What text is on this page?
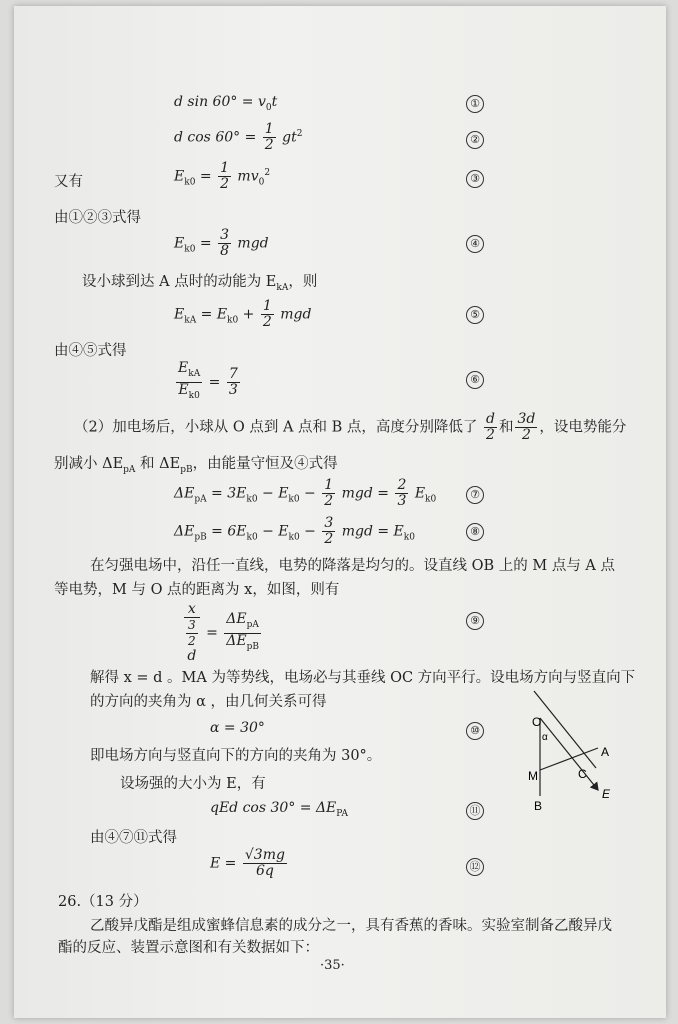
d $\sin 60^\circ = v_0t$	①
d $\cos 60^\circ = \frac{1}{2} gt^2$	②
又有	$E_{k0} = \frac{1}{2} mv_0^2$	③
由①②③式得
$E_{k0} = \frac{3}{8}$ mgd	④
设小球到达 A 点时的动能为 $E_{kA}$，则
$E_{kA} = E_{k0} + \frac{1}{2}$ mgd	⑤
由④⑤式得
$\frac{E_{kA}}{E_{k0}} = \frac{7}{3}$	⑥
（2）加电场后，小球从 O 点到 A 点和 B 点，高度分别降低了 $\frac{d}{2}$ 和 $\frac{3d}{2}$ ，设电势能分
别减小 $\Delta E_{pA}$ 和 $\Delta E_{pB}$，由能量守恒及④式得
$\Delta E_{pA} = 3E_{k0} - E_{k0} - \frac{1}{2}$ mgd = $\frac{2}{3} E_{k0}$	⑦
$\Delta E_{pB} = 6E_{k0} - E_{k0} - \frac{3}{2}$ mgd = $E_{k0}$	⑧
在匀强电场中，沿任一直线，电势的降落是均匀的。设直线 OB 上的 M 点与 A 点
等电势，M 与 O 点的距离为 x，如图，则有
x
3
2
$d = \frac{\Delta E_{pA}}{\Delta E_{pB}}$	⑨
解得 x = d 。MA 为等势线，电场必与其垂线 OC 方向平行。设电场方向与竖直向下
的方向的夹角为 α ，由几何关系可得
α = 30°	⑩
即电场方向与竖直向下的方向的夹角为 30°。
设场强的大小为 E，有
qEd $\cos 30^\circ = \Delta E_{PA}$	⑪
由④⑦⑪式得
$E = \frac{√3mg}{6q}$	⑫
26.（13 分）
乙酸异戊酯是组成蜜蜂信息素的成分之一，具有香蕉的香味。实验室制备乙酸异戊
酯的反应、装置示意图和有关数据如下：
·35·
O
A
M	C
B
E
α
